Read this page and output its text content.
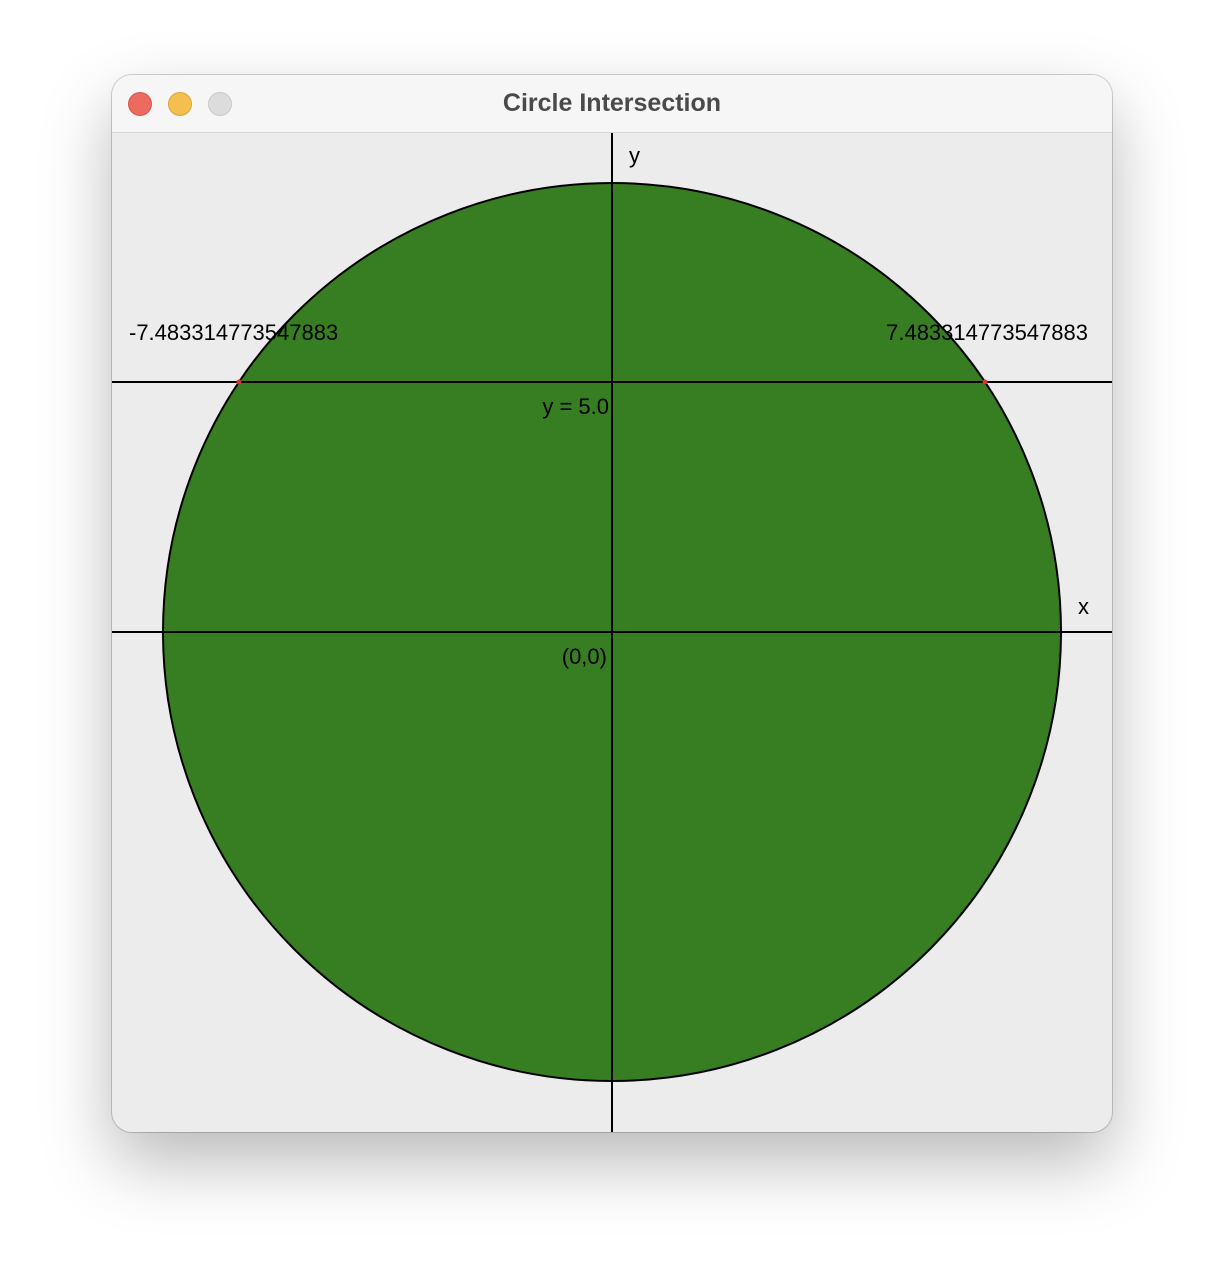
Circle Intersection
y
x
(0,0)
y = 5.0
-7.483314773547883	7.483314773547883
